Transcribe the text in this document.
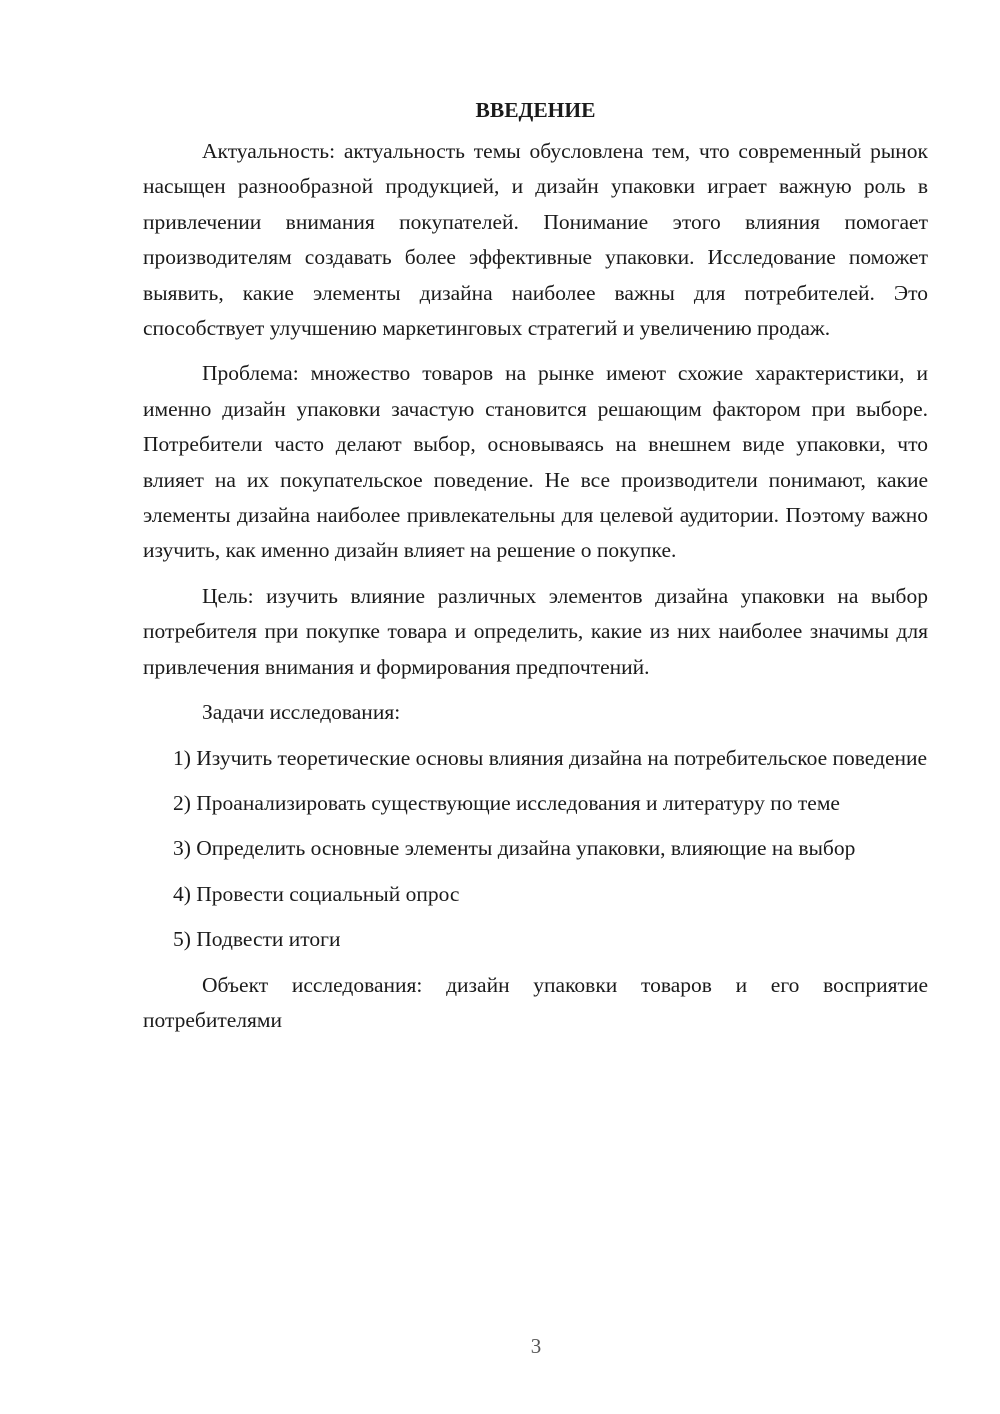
ВВЕДЕНИЕ

Актуальность: актуальность темы обусловлена тем, что современный рынок насыщен разнообразной продукцией, и дизайн упаковки играет важную роль в привлечении внимания покупателей. Понимание этого влияния помогает производителям создавать более эффективные упаковки. Исследование поможет выявить, какие элементы дизайна наиболее важны для потребителей. Это способствует улучшению маркетинговых стратегий и увеличению продаж.

Проблема: множество товаров на рынке имеют схожие характеристики, и именно дизайн упаковки зачастую становится решающим фактором при выборе. Потребители часто делают выбор, основываясь на внешнем виде упаковки, что влияет на их покупательское поведение. Не все производители понимают, какие элементы дизайна наиболее привлекательны для целевой аудитории. Поэтому важно изучить, как именно дизайн влияет на решение о покупке.

Цель: изучить влияние различных элементов дизайна упаковки на выбор потребителя при покупке товара и определить, какие из них наиболее значимы для привлечения внимания и формирования предпочтений.

Задачи исследования:

1) Изучить теоретические основы влияния дизайна на потребительское поведение

2) Проанализировать существующие исследования и литературу по теме

3) Определить основные элементы дизайна упаковки, влияющие на выбор

4) Провести социальный опрос

5) Подвести итоги

Объект исследования: дизайн упаковки товаров и его восприятие потребителями

3
